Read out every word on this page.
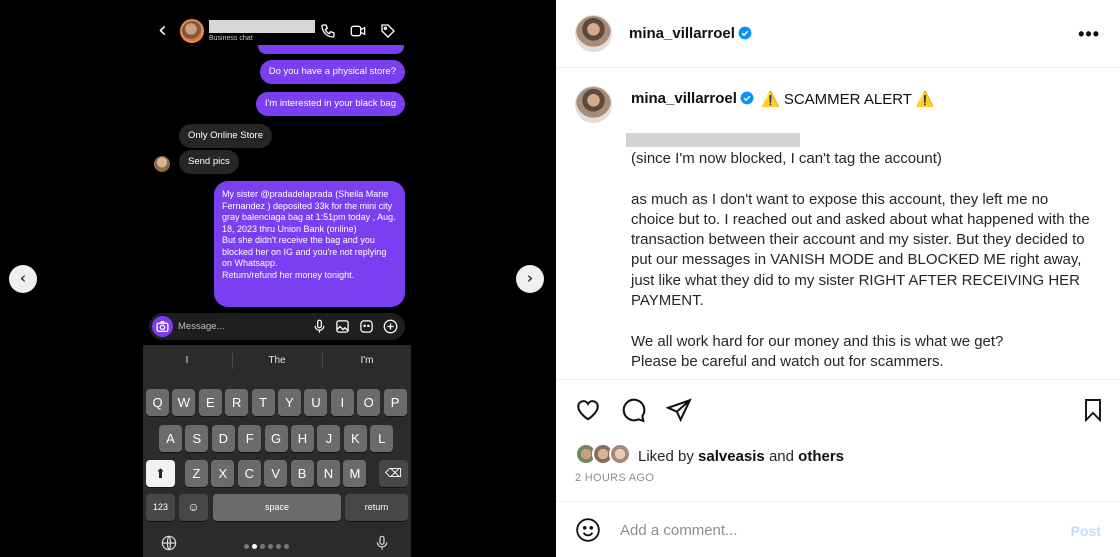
‹	Business chat
Do you have a physical store?
I'm interested in your black bag
Only Online Store
Send pics
My sister @pradadelaprada (Sheila Marie Fernandez ) deposited 33k for the mini city gray balenciaga bag at 1:51pm today , Aug. 18, 2023 thru Union Bank (online)
But she didn't receive the bag and you blocked her on IG and you're not replying on Whatsapp.
Return/refund her money tonight.
Message...
I	The	I'm
Q	W	E	R	T	Y	U	I	O	P
A	S	D	F	G	H	J	K	L
Z	X	C	V	B	N	M
⬆	⌫
123	☺	space	return
‹	›
mina_villarroel	•••
mina_villarroel ⚠️ SCAMMER ALERT ⚠️
(since I'm now blocked, I can't tag the account)

as much as I don't want to expose this account, they left me no choice but to. I reached out and asked about what happened with the transaction between their account and my sister. But they decided to put our messages in VANISH MODE and BLOCKED ME right away, just like what they did to my sister RIGHT AFTER RECEIVING HER PAYMENT.

We all work hard for our money and this is what we get?
Please be careful and watch out for scammers.
Liked by salveasis and others
2 HOURS AGO
Add a comment...	Post
